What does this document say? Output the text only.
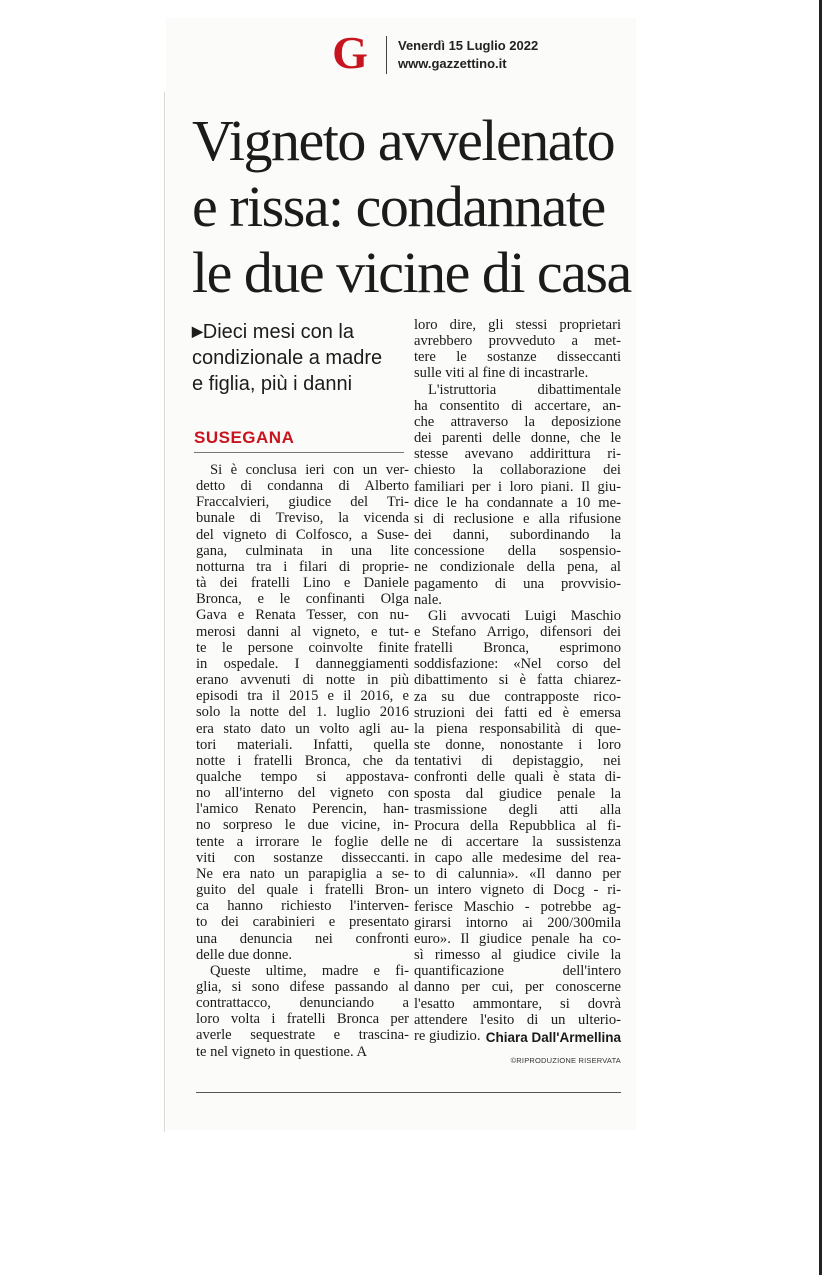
G	Venerdì 15 Luglio 2022
www.gazzettino.it
Vigneto avvelenato
e rissa: condannate
le due vicine di casa
▶Dieci mesi con la
condizionale a madre
e figlia, più i danni
SUSEGANA
Si è conclusa ieri con un ver-
detto di condanna di Alberto
Fraccalvieri, giudice del Tri-
bunale di Treviso, la vicenda
del vigneto di Colfosco, a Suse-
gana, culminata in una lite
notturna tra i filari di proprie-
tà dei fratelli Lino e Daniele
Bronca, e le confinanti Olga
Gava e Renata Tesser, con nu-
merosi danni al vigneto, e tut-
te le persone coinvolte finite
in ospedale. I danneggiamenti
erano avvenuti di notte in più
episodi tra il 2015 e il 2016, e
solo la notte del 1. luglio 2016
era stato dato un volto agli au-
tori materiali. Infatti, quella
notte i fratelli Bronca, che da
qualche tempo si appostava-
no all'interno del vigneto con
l'amico Renato Perencin, han-
no sorpreso le due vicine, in-
tente a irrorare le foglie delle
viti con sostanze disseccanti.
Ne era nato un parapiglia a se-
guito del quale i fratelli Bron-
ca hanno richiesto l'interven-
to dei carabinieri e presentato
una denuncia nei confronti
delle due donne.
Queste ultime, madre e fi-
glia, si sono difese passando al
contrattacco, denunciando a
loro volta i fratelli Bronca per
averle sequestrate e trascina-
te nel vigneto in questione. A
loro dire, gli stessi proprietari
avrebbero provveduto a met-
tere le sostanze disseccanti
sulle viti al fine di incastrarle.
L'istruttoria dibattimentale
ha consentito di accertare, an-
che attraverso la deposizione
dei parenti delle donne, che le
stesse avevano addirittura ri-
chiesto la collaborazione dei
familiari per i loro piani. Il giu-
dice le ha condannate a 10 me-
si di reclusione e alla rifusione
dei danni, subordinando la
concessione della sospensio-
ne condizionale della pena, al
pagamento di una provvisio-
nale.
Gli avvocati Luigi Maschio
e Stefano Arrigo, difensori dei
fratelli Bronca, esprimono
soddisfazione: «Nel corso del
dibattimento si è fatta chiarez-
za su due contrapposte rico-
struzioni dei fatti ed è emersa
la piena responsabilità di que-
ste donne, nonostante i loro
tentativi di depistaggio, nei
confronti delle quali è stata di-
sposta dal giudice penale la
trasmissione degli atti alla
Procura della Repubblica al fi-
ne di accertare la sussistenza
in capo alle medesime del rea-
to di calunnia». «Il danno per
un intero vigneto di Docg - ri-
ferisce Maschio - potrebbe ag-
girarsi intorno ai 200/300mila
euro». Il giudice penale ha co-
sì rimesso al giudice civile la
quantificazione dell'intero
danno per cui, per conoscerne
l'esatto ammontare, si dovrà
attendere l'esito di un ulterio-
re giudizio. Chiara Dall'Armellina
©RIPRODUZIONE RISERVATA
